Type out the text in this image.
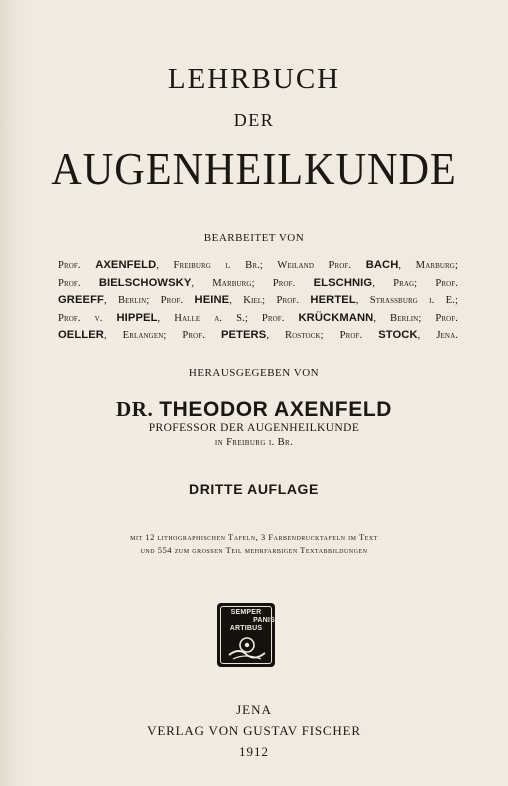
LEHRBUCH
DER
AUGENHEILKUNDE
BEARBEITET VON
Prof. AXENFELD, Freiburg i. Br.; Weiland Prof. BACH, Marburg;
Prof. BIELSCHOWSKY, Marburg; Prof. ELSCHNIG, Prag; Prof.
GREEFF, Berlin; Prof. HEINE, Kiel; Prof. HERTEL, Strassburg i. E.;
Prof. v. HIPPEL, Halle a. S.; Prof. KRÜCKMANN, Berlin; Prof.
OELLER, Erlangen; Prof. PETERS, Rostock; Prof. STOCK, Jena.
HERAUSGEGEBEN VON
DR. THEODOR AXENFELD
PROFESSOR DER AUGENHEILKUNDE
in Freiburg i. Br.
DRITTE AUFLAGE
mit 12 lithographischen Tafeln, 3 Farbendrucktafeln im Text
und 554 zum grossen Teil mehrfarbigen Textabbildungen
SEMPER
PANIS
ARTIBUS
JENA
VERLAG VON GUSTAV FISCHER
1912
